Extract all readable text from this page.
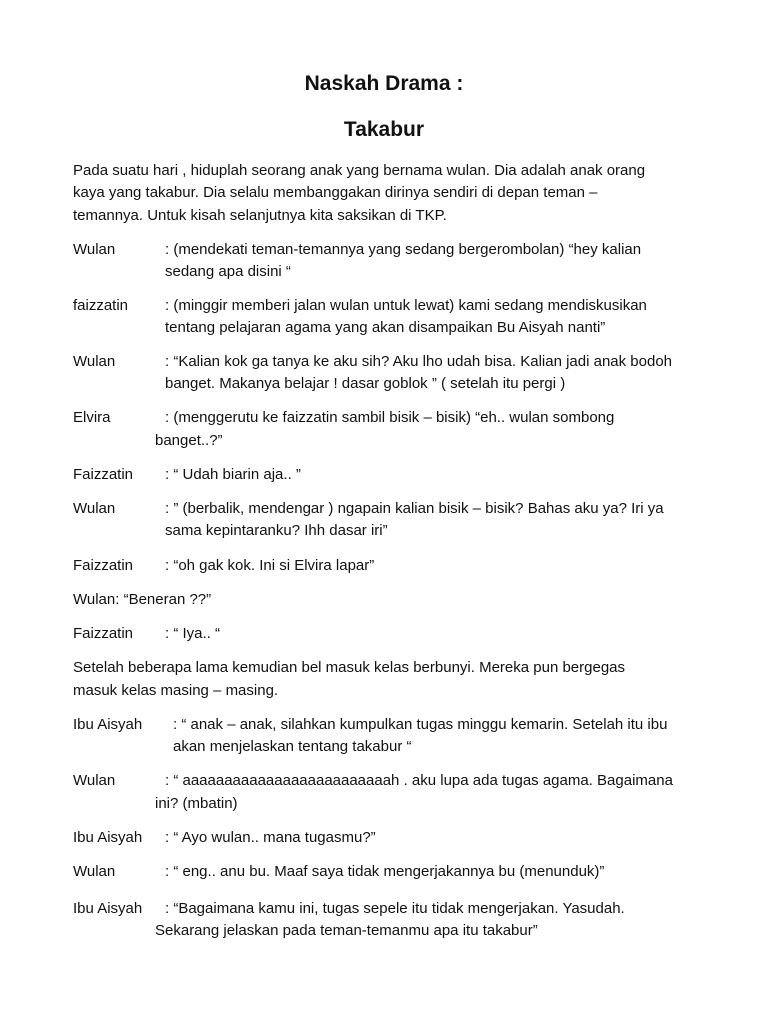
Naskah Drama :
Takabur
Pada suatu hari , hiduplah seorang anak yang bernama wulan. Dia adalah anak orang
kaya yang takabur. Dia selalu membanggakan dirinya sendiri di depan teman –
temannya. Untuk kisah selanjutnya kita saksikan di TKP.
Wulan	: (mendekati teman-temannya yang sedang bergerombolan) “hey kalian
sedang apa disini “
faizzatin : (minggir memberi jalan wulan untuk lewat) kami sedang mendiskusikan
tentang pelajaran agama yang akan disampaikan Bu Aisyah nanti”
Wulan	: “Kalian kok ga tanya ke aku sih? Aku lho udah bisa. Kalian jadi anak bodoh
banget. Makanya belajar ! dasar goblok ” ( setelah itu pergi )
Elvira	: (menggerutu ke faizzatin sambil bisik – bisik) “eh.. wulan sombong
banget..?”
Faizzatin : “ Udah biarin aja.. ”
Wulan	: ” (berbalik, mendengar ) ngapain kalian bisik – bisik? Bahas aku ya? Iri ya
sama kepintaranku? Ihh dasar iri”
Faizzatin : “oh gak kok. Ini si Elvira lapar”
Wulan: “Beneran ??”
Faizzatin : “ Iya.. “
Setelah beberapa lama kemudian bel masuk kelas berbunyi. Mereka pun bergegas
masuk kelas masing – masing.
Ibu Aisyah : “ anak – anak, silahkan kumpulkan tugas minggu kemarin. Setelah itu ibu
akan menjelaskan tentang takabur “
Wulan	: “ aaaaaaaaaaaaaaaaaaaaaaaaah . aku lupa ada tugas agama. Bagaimana
ini? (mbatin)
Ibu Aisyah : “ Ayo wulan.. mana tugasmu?”
Wulan	: “ eng.. anu bu. Maaf saya tidak mengerjakannya bu (menunduk)”
Ibu Aisyah : “Bagaimana kamu ini, tugas sepele itu tidak mengerjakan. Yasudah.
Sekarang jelaskan pada teman-temanmu apa itu takabur”
